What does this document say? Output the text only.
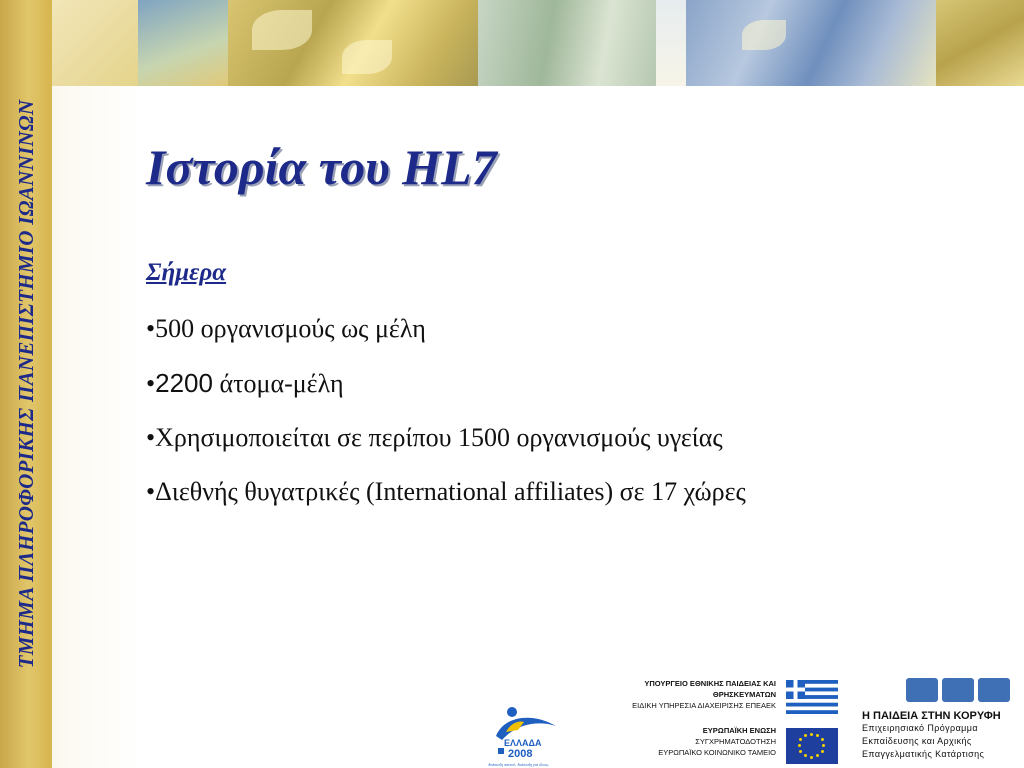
ΤΜΗΜΑ ΠΛΗΡΟΦΟΡΙΚΗΣ ΠΑΝΕΠΙΣΤΗΜΙΟ ΙΩΑΝΝΙΝΩΝ Ιστορία του HL7
Σήμερα
•500 οργανισμούς ως μέλη
•2200 άτομα-μέλη
•Χρησιμοποιείται σε περίπου 1500 οργανισμούς υγείας
•Διεθνής θυγατρικές (International affiliates) σε 17 χώρες
ΕΛΛΑΔΑ
2008
Ανάπτυξη παντού. Ανάπτυξη για όλους.
ΥΠΟΥΡΓΕΙΟ ΕΘΝΙΚΗΣ ΠΑΙΔΕΙΑΣ ΚΑΙ ΘΡΗΣΚΕΥΜΑΤΩΝ
ΕΙΔΙΚΗ ΥΠΗΡΕΣΙΑ ΔΙΑΧΕΙΡΙΣΗΣ ΕΠΕΑΕΚ
ΕΥΡΩΠΑΪΚΗ ΕΝΩΣΗ
ΣΥΓΧΡΗΜΑΤΟΔΟΤΗΣΗ
ΕΥΡΩΠΑΪΚΟ ΚΟΙΝΩΝΙΚΟ ΤΑΜΕΙΟ
Η ΠΑΙΔΕΙΑ ΣΤΗΝ ΚΟΡΥΦΗ
Επιχειρησιακό Πρόγραμμα
Εκπαίδευσης και Αρχικής
Επαγγελματικής Κατάρτισης
